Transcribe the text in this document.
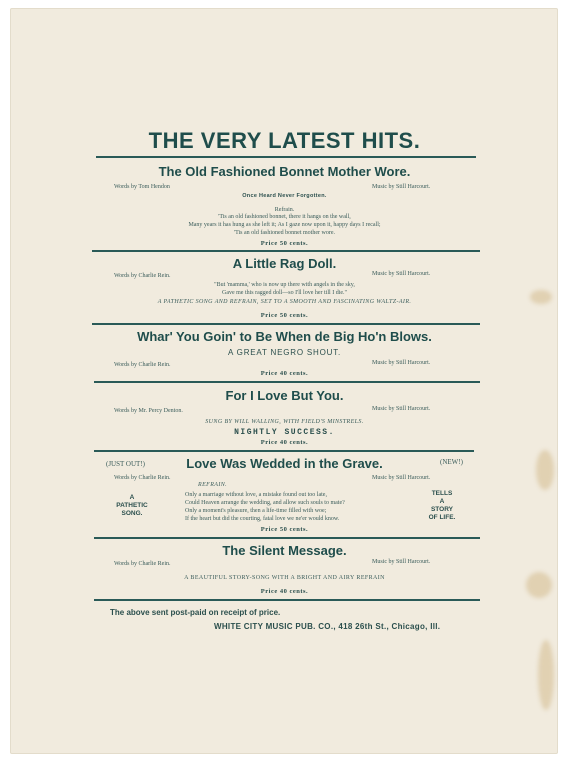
THE VERY LATEST HITS.
The Old Fashioned Bonnet Mother Wore.
Words by Tom Hendon	Music by Still Harcourt.
Once Heard Never Forgotten.
Refrain.
'Tis an old fashioned bonnet, there it hangs on the wall,
Many years it has hung as she left it; As I gaze now upon it, happy days I recall;
'Tis an old fashioned bonnet mother wore.
Price 50 cents.
A Little Rag Doll.
Words by Charlie Rein.	Music by Still Harcourt.
"But 'mamma,' who is now up there with angels in the sky,
Gave me this ragged doll—so I'll love her till I die."
A PATHETIC SONG AND REFRAIN, SET TO A SMOOTH AND FASCINATING WALTZ-AIR.
Price 50 cents.
Whar' You Goin' to Be When de Big Ho'n Blows.
A GREAT NEGRO SHOUT.
Words by Charlie Rein.	Music by Still Harcourt.
Price 40 cents.
For I Love But You.
Words by Mr. Percy Denton.	Music by Still Harcourt.
SUNG BY WILL WALLING, WITH FIELD'S MINSTRELS.
NIGHTLY SUCCESS.
Price 40 cents.
(JUST OUT!)	(NEW!)
Love Was Wedded in the Grave.
Words by Charlie Rein.	Music by Still Harcourt.
REFRAIN.
A
PATHETIC
SONG.
TELLS
A
STORY
OF LIFE.
Only a marriage without love, a mistake found out too late,
Could Heaven arrange the wedding, and allow such souls to mate?
Only a moment's pleasure, then a life-time filled with woe;
If the heart but did the courting, fatal love we ne'er would know.
Price 50 cents.
The Silent Message.
Words by Charlie Rein.	Music by Still Harcourt.
A BEAUTIFUL STORY-SONG WITH A BRIGHT AND AIRY REFRAIN
Price 40 cents.
The above sent post-paid on receipt of price.
WHITE CITY MUSIC PUB. CO., 418 26th St., Chicago, Ill.
